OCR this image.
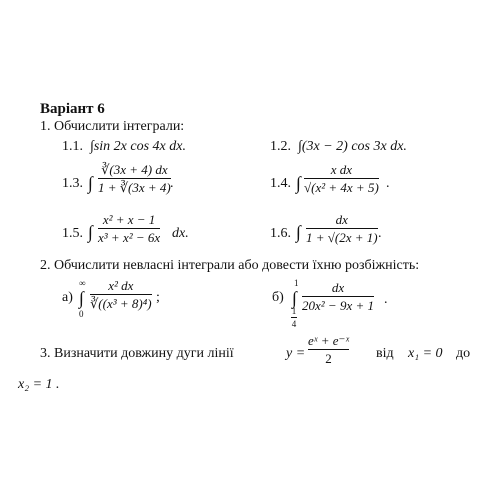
Варіант 6
1. Обчислити інтеграли:
1.1. ∫sin 2x cos 4x dx.	1.2. ∫(3x − 2) cos 3x dx.
1.3. ∫
∛(3x + 4) dx
1 + ∛(3x + 4) .	1.4. ∫
x dx
√(x² + 4x + 5) .
1.5. ∫
x² + x − 1
x³ + x² − 6x dx.	1.6. ∫
dx
1 + √(2x + 1) .
2. Обчислити невласні інтеграли або довести їхню розбіжність:
а)
∞
∫
0
x² dx
∛((x³ + 8)⁴) ;	б)
1
∫
1
4
dx
20x² − 9x + 1 .
3. Визначити довжину дуги лінії	y =
eˣ + e⁻ˣ
2	від x₁ = 0 до
x₂ = 1 .
